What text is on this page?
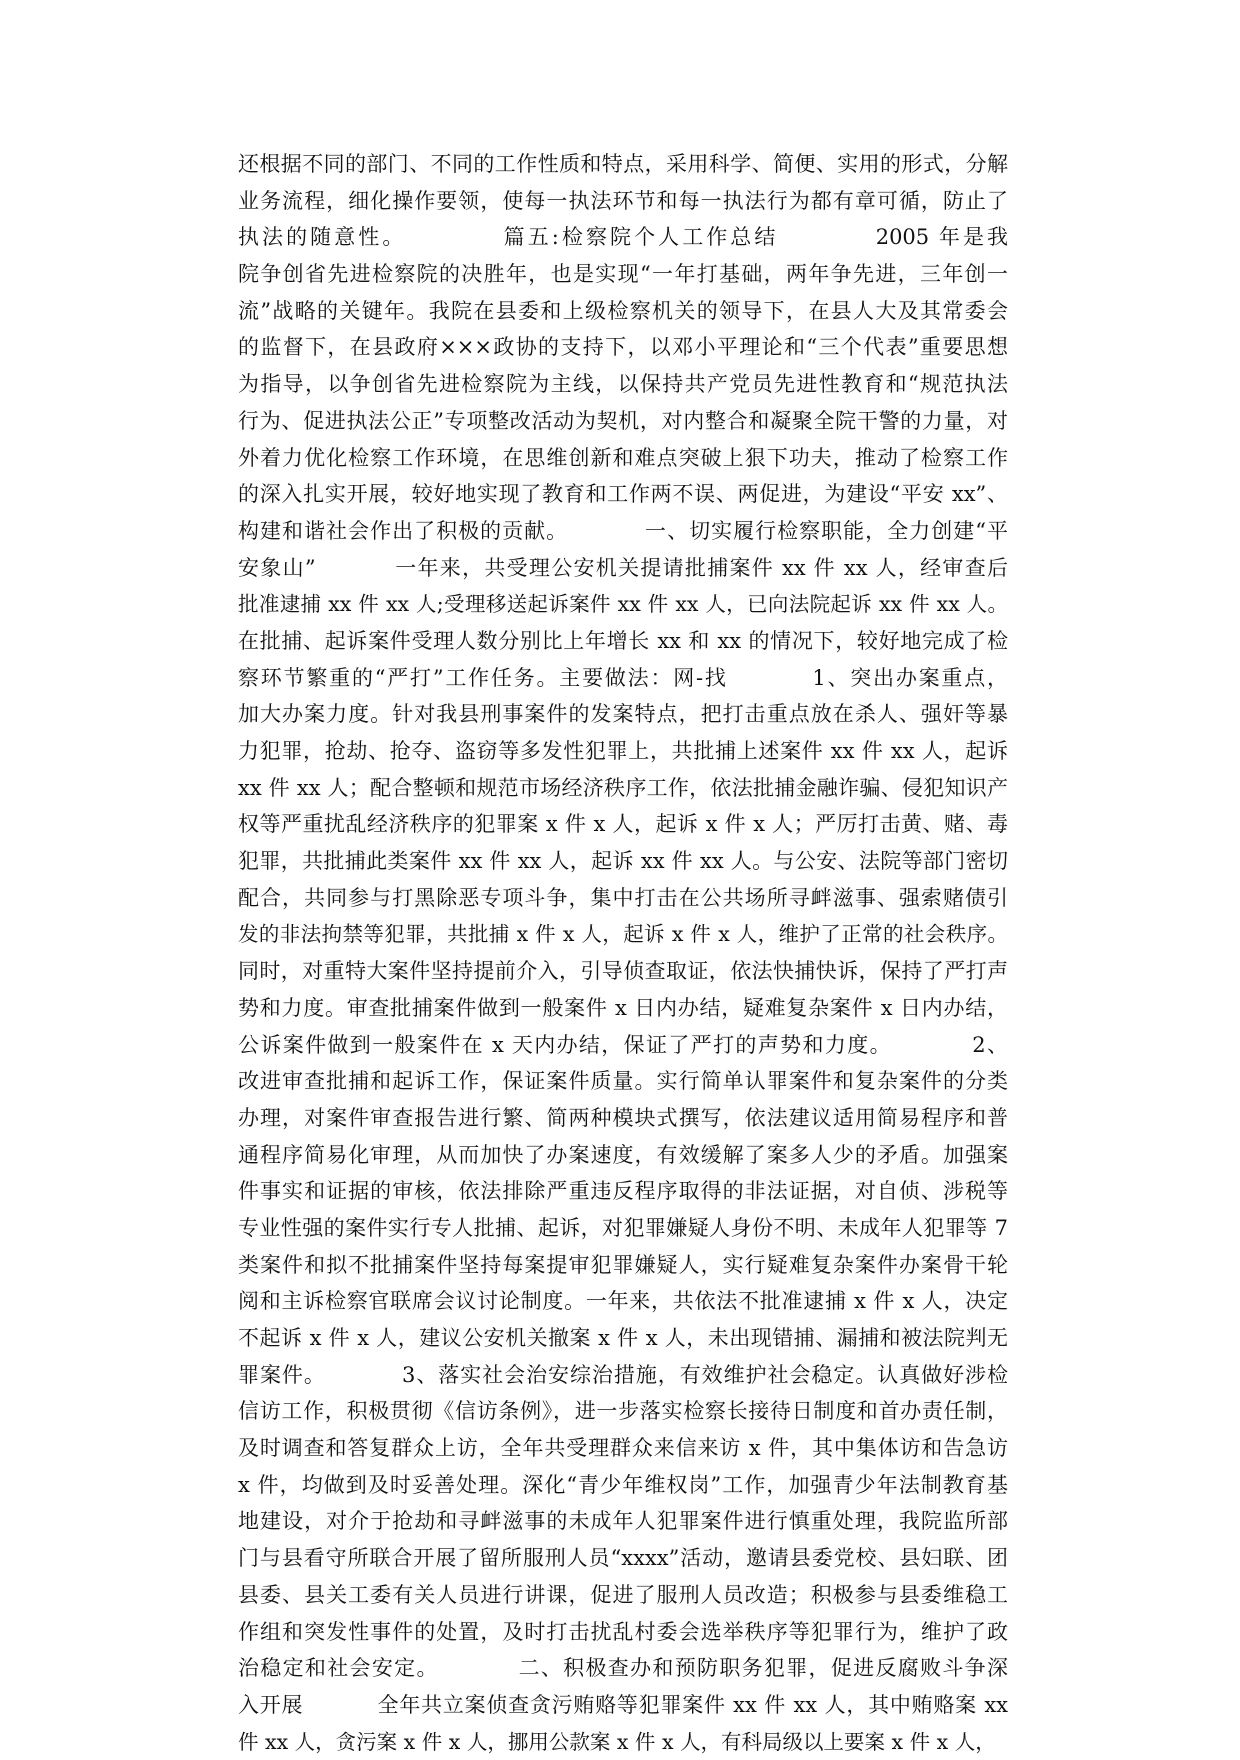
还根据不同的部门、不同的工作性质和特点，采用科学、简便、实用的形式，分解
业务流程，细化操作要领，使每一执法环节和每一执法行为都有章可循，防止了
执法的随意性。          篇五:检察院个人工作总结          2005 年是我
院争创省先进检察院的决胜年，也是实现“一年打基础，两年争先进，三年创一
流”战略的关键年。我院在县委和上级检察机关的领导下，在县人大及其常委会
的监督下，在县政府×××政协的支持下，以邓小平理论和“三个代表”重要思想
为指导，以争创省先进检察院为主线，以保持共产党员先进性教育和“规范执法
行为、促进执法公正”专项整改活动为契机，对内整合和凝聚全院干警的力量，对
外着力优化检察工作环境，在思维创新和难点突破上狠下功夫，推动了检察工作
的深入扎实开展，较好地实现了教育和工作两不误、两促进，为建设“平安 xx”、
构建和谐社会作出了积极的贡献。          一、切实履行检察职能，全力创建“平
安象山”          一年来，共受理公安机关提请批捕案件 xx 件 xx 人，经审查后
批准逮捕 xx 件 xx 人;受理移送起诉案件 xx 件 xx 人，已向法院起诉 xx 件 xx 人。
在批捕、起诉案件受理人数分别比上年增长 xx 和 xx 的情况下，较好地完成了检
察环节繁重的“严打”工作任务。主要做法：网-找          1、突出办案重点，
加大办案力度。针对我县刑事案件的发案特点，把打击重点放在杀人、强奸等暴
力犯罪，抢劫、抢夺、盗窃等多发性犯罪上，共批捕上述案件 xx 件 xx 人，起诉
xx 件 xx 人；配合整顿和规范市场经济秩序工作，依法批捕金融诈骗、侵犯知识产
权等严重扰乱经济秩序的犯罪案 x 件 x 人，起诉 x 件 x 人；严厉打击黄、赌、毒
犯罪，共批捕此类案件 xx 件 xx 人，起诉 xx 件 xx 人。与公安、法院等部门密切
配合，共同参与打黑除恶专项斗争，集中打击在公共场所寻衅滋事、强索赌债引
发的非法拘禁等犯罪，共批捕 x 件 x 人，起诉 x 件 x 人，维护了正常的社会秩序。
同时，对重特大案件坚持提前介入，引导侦查取证，依法快捕快诉，保持了严打声
势和力度。审查批捕案件做到一般案件 x 日内办结，疑难复杂案件 x 日内办结，
公诉案件做到一般案件在 x 天内办结，保证了严打的声势和力度。          2、
改进审查批捕和起诉工作，保证案件质量。实行简单认罪案件和复杂案件的分类
办理，对案件审查报告进行繁、简两种模块式撰写，依法建议适用简易程序和普
通程序简易化审理，从而加快了办案速度，有效缓解了案多人少的矛盾。加强案
件事实和证据的审核，依法排除严重违反程序取得的非法证据，对自侦、涉税等
专业性强的案件实行专人批捕、起诉，对犯罪嫌疑人身份不明、未成年人犯罪等 7
类案件和拟不批捕案件坚持每案提审犯罪嫌疑人，实行疑难复杂案件办案骨干轮
阅和主诉检察官联席会议讨论制度。一年来，共依法不批准逮捕 x 件 x 人，决定
不起诉 x 件 x 人，建议公安机关撤案 x 件 x 人，未出现错捕、漏捕和被法院判无
罪案件。          3、落实社会治安综治措施，有效维护社会稳定。认真做好涉检
信访工作，积极贯彻《信访条例》，进一步落实检察长接待日制度和首办责任制，
及时调查和答复群众上访，全年共受理群众来信来访 x 件，其中集体访和告急访
x 件，均做到及时妥善处理。深化“青少年维权岗”工作，加强青少年法制教育基
地建设，对介于抢劫和寻衅滋事的未成年人犯罪案件进行慎重处理，我院监所部
门与县看守所联合开展了留所服刑人员“xxxx”活动，邀请县委党校、县妇联、团
县委、县关工委有关人员进行讲课，促进了服刑人员改造；积极参与县委维稳工
作组和突发性事件的处置，及时打击扰乱村委会选举秩序等犯罪行为，维护了政
治稳定和社会安定。          二、积极查办和预防职务犯罪，促进反腐败斗争深
入开展          全年共立案侦查贪污贿赂等犯罪案件 xx 件 xx 人，其中贿赂案 xx
件 xx 人，贪污案 x 件 x 人，挪用公款案 x 件 x 人，有科局级以上要案 x 件 x 人，
